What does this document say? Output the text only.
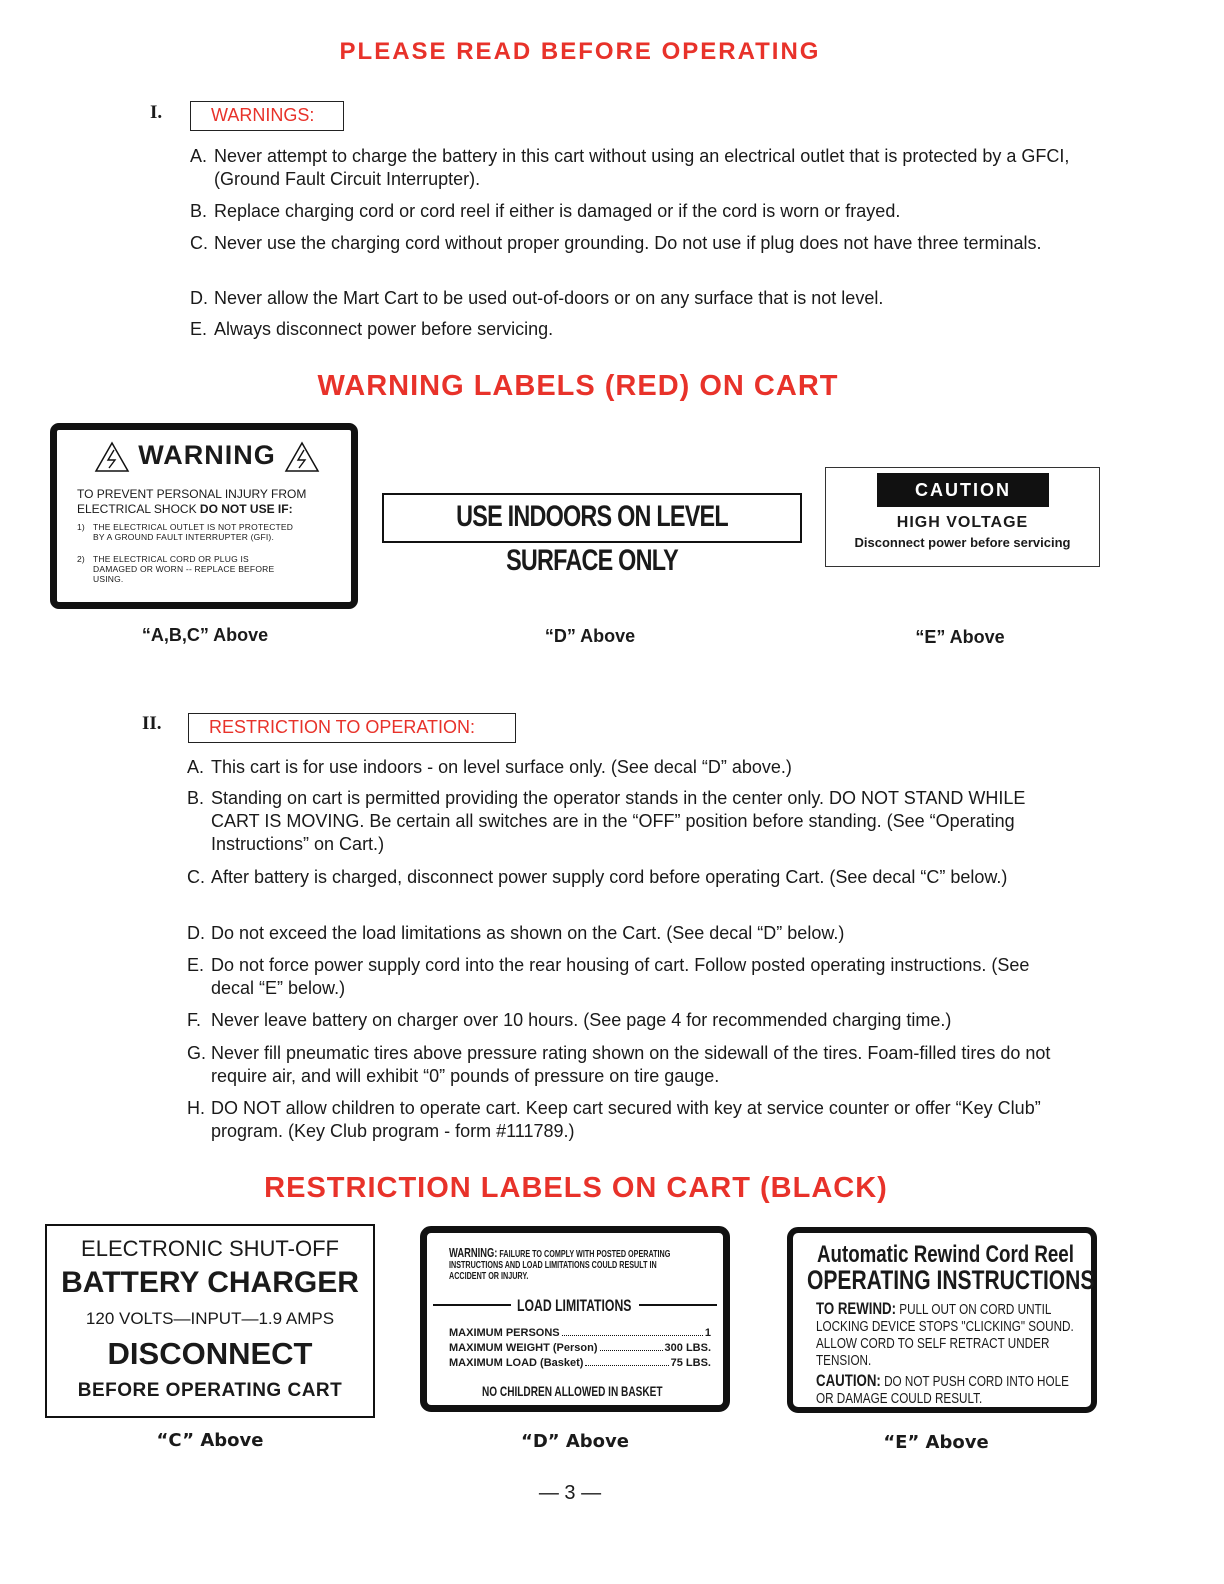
PLEASE READ BEFORE OPERATING
I.	WARNINGS:
A. Never attempt to charge the battery in this cart without using an electrical outlet that is protected by a GFCI, (Ground Fault Circuit Interrupter).
B. Replace charging cord or cord reel if either is damaged or if the cord is worn or frayed.
C. Never use the charging cord without proper grounding. Do not use if plug does not have three terminals.
D. Never allow the Mart Cart to be used out-of-doors or on any surface that is not level.
E. Always disconnect power before servicing.
WARNING LABELS (RED) ON CART
WARNING
TO PREVENT PERSONAL INJURY FROM
ELECTRICAL SHOCK DO NOT USE IF:
1) THE ELECTRICAL OUTLET IS NOT PROTECTED
BY A GROUND FAULT INTERRUPTER (GFI).
2) THE ELECTRICAL CORD OR PLUG IS
DAMAGED OR WORN -- REPLACE BEFORE
USING.
USE INDOORS ON LEVEL SURFACE ONLY
CAUTION
HIGH VOLTAGE
Disconnect power before servicing
“A,B,C” Above	“D” Above	“E” Above
II.	RESTRICTION TO OPERATION:
A. This cart is for use indoors - on level surface only. (See decal “D” above.)
B. Standing on cart is permitted providing the operator stands in the center only. DO NOT STAND WHILE CART IS MOVING. Be certain all switches are in the “OFF” position before standing. (See “Operating Instructions” on Cart.)
C. After battery is charged, disconnect power supply cord before operating Cart. (See decal “C” below.)
D. Do not exceed the load limitations as shown on the Cart. (See decal “D” below.)
E. Do not force power supply cord into the rear housing of cart. Follow posted operating instructions. (See decal “E” below.)
F. Never leave battery on charger over 10 hours. (See page 4 for recommended charging time.)
G. Never fill pneumatic tires above pressure rating shown on the sidewall of the tires. Foam-filled tires do not require air, and will exhibit “0” pounds of pressure on tire gauge.
H. DO NOT allow children to operate cart. Keep cart secured with key at service counter or offer “Key Club” program. (Key Club program - form #111789.)
RESTRICTION LABELS ON CART (BLACK)
ELECTRONIC SHUT-OFF
BATTERY CHARGER
120 VOLTS—INPUT—1.9 AMPS
DISCONNECT
BEFORE OPERATING CART
WARNING: FAILURE TO COMPLY WITH POSTED OPERATING
INSTRUCTIONS AND LOAD LIMITATIONS COULD RESULT IN
ACCIDENT OR INJURY.
LOAD LIMITATIONS
MAXIMUM PERSONS	1
MAXIMUM WEIGHT (Person)	300 LBS.
MAXIMUM LOAD (Basket)	75 LBS.
NO CHILDREN ALLOWED IN BASKET
Automatic Rewind Cord Reel
OPERATING INSTRUCTIONS
TO REWIND: PULL OUT ON CORD UNTIL
LOCKING DEVICE STOPS "CLICKING" SOUND.
ALLOW CORD TO SELF RETRACT UNDER
TENSION.
CAUTION: DO NOT PUSH CORD INTO HOLE
OR DAMAGE COULD RESULT.
“C” Above	“D” Above	“E” Above
— 3 —
